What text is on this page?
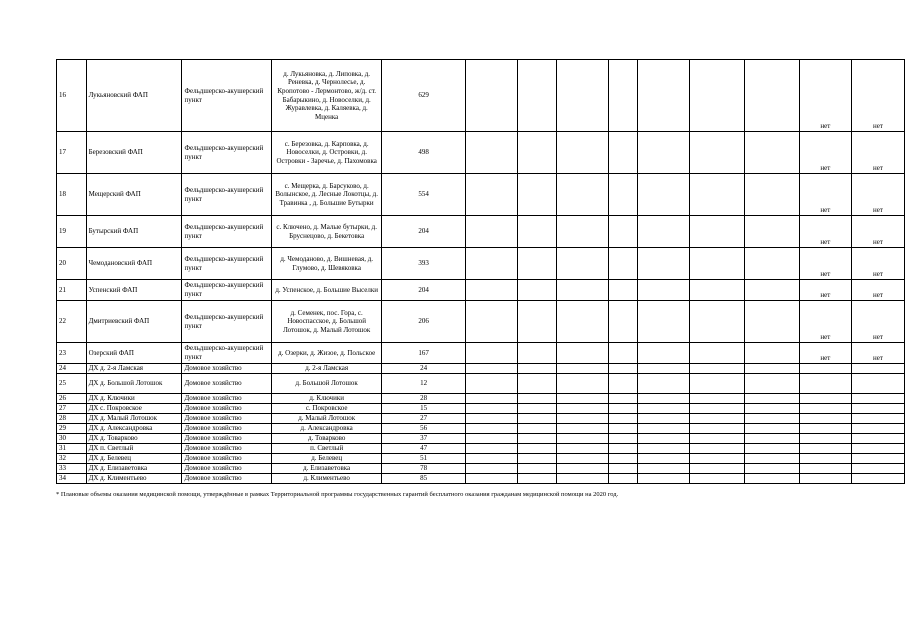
16	Лукьяновский ФАП	Фельдшерско-акушерский пункт	д. Лукьяновка, д. Липовка, д. Реневка, д. Чернолесье, д. Кропотово - Лермонтово, ж/д. ст. Бабарыкино, д. Новоселки, д. Журавлевка, д. Каляевка, д. Мценка	629								нет	нет
17	Березовский ФАП	Фельдшерско-акушерский пункт	с. Березовка, д. Карповка, д. Новоселки, д. Островки, д. Островки - Заречье, д. Пахомовка	498								нет	нет
18	Мещерский ФАП	Фельдшерско-акушерский пункт	с. Мещерка, д. Барсуково, д. Волынское, д. Лесные Локотцы, д. Травинка , д. Большие Бутырки	554								нет	нет
19	Бутырский ФАП	Фельдшерско-акушерский пункт	с. Ключено, д. Малые бутырки, д. Бруснецово, д. Бекетовка	204								нет	нет
20	Чемодановский ФАП	Фельдшерско-акушерский пункт	д. Чемоданово, д. Вишневая, д. Глумово, д. Шевяковка	393								нет	нет
21	Успенский ФАП	Фельдшерско-акушерский пункт	д. Успенское, д. Большие Выселки	204								нет	нет
22	Дмитриевский ФАП	Фельдшерско-акушерский пункт	д. Семенек, пос. Гора, с. Новоспасское, д. Большой Лотошок, д. Малый Лотошок	206								нет	нет
23	Озерский ФАП	Фельдшерско-акушерский пункт	д. Озерки, д. Жизое, д. Польское	167								нет	нет
24	ДХ д. 2-я Ламская	Домовое хозяйство	д. 2-я Ламская	24									
25	ДХ д. Большой Лотошок	Домовое хозяйство	д. Большой Лотошок	12									
26	ДХ д. Ключики	Домовое хозяйство	д. Ключики	28									
27	ДХ с. Покровское	Домовое хозяйство	с. Покровское	15									
28	ДХ д. Малый Лотошок	Домовое хозяйство	д. Малый Лотошок	27									
29	ДХ д. Александровка	Домовое хозяйство	д. Александровка	56									
30	ДХ д. Товарково	Домовое хозяйство	д. Товарково	37									
31	ДХ п. Светлый	Домовое хозяйство	п. Светлый	47									
32	ДХ д. Белевец	Домовое хозяйство	д. Белевец	51									
33	ДХ д. Елизаветовка	Домовое хозяйство	д. Елизаветовка	78									
34	ДХ д. Климентьево	Домовое хозяйство	д. Климентьево	85									
* Плановые объемы оказания медицинской помощи, утверждённые в рамках Территориальной программы государственных гарантий бесплатного оказания гражданам медицинской помощи на 2020 год.
